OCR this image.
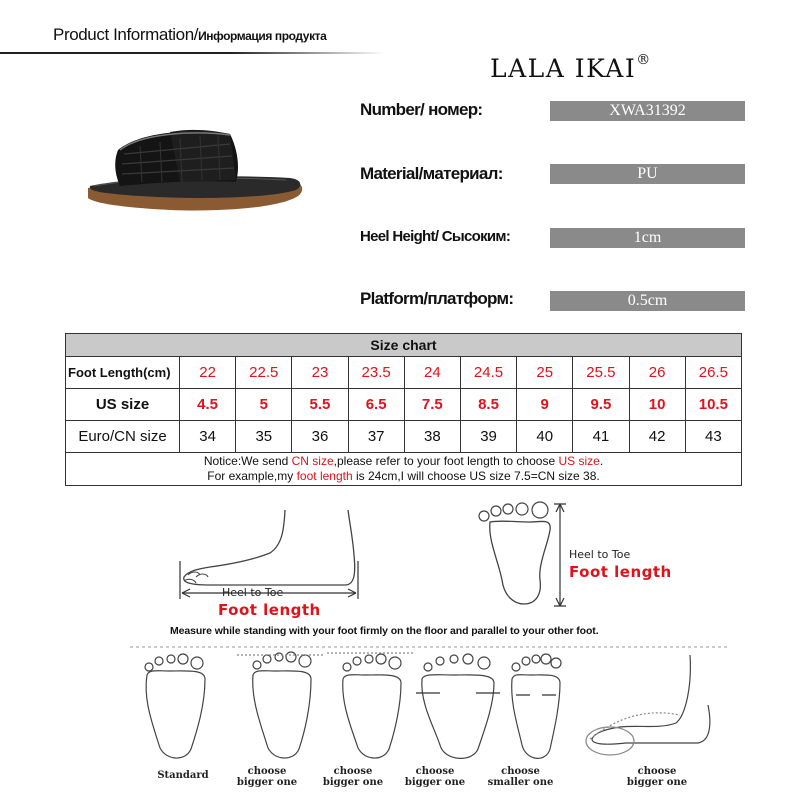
Product Information/Информация продукта
LALA IKAI®
Number/ номер:	XWA31392
Material/материал:	PU
Heel Height/ Сысоким:	1cm
Platform/платформ:	0.5cm
Size chart										
Foot Length(cm)	22	22.5	23	23.5	24	24.5	25	25.5	26	26.5
US size	4.5	5	5.5	6.5	7.5	8.5	9	9.5	10	10.5
Euro/CN size	34	35	36	37	38	39	40	41	42	43

Notice:We send CN size,please refer to your foot length to choose US size.
For example,my foot length is 24cm,I will choose US size 7.5=CN size 38.										
Heel to Toe
Foot length
Heel to Toe
Foot length
Measure while standing with your foot firmly on the floor and parallel to your other foot.
Standard	choose
bigger one
choose
bigger one
choose
bigger one
choose
smaller one
choose
bigger one
